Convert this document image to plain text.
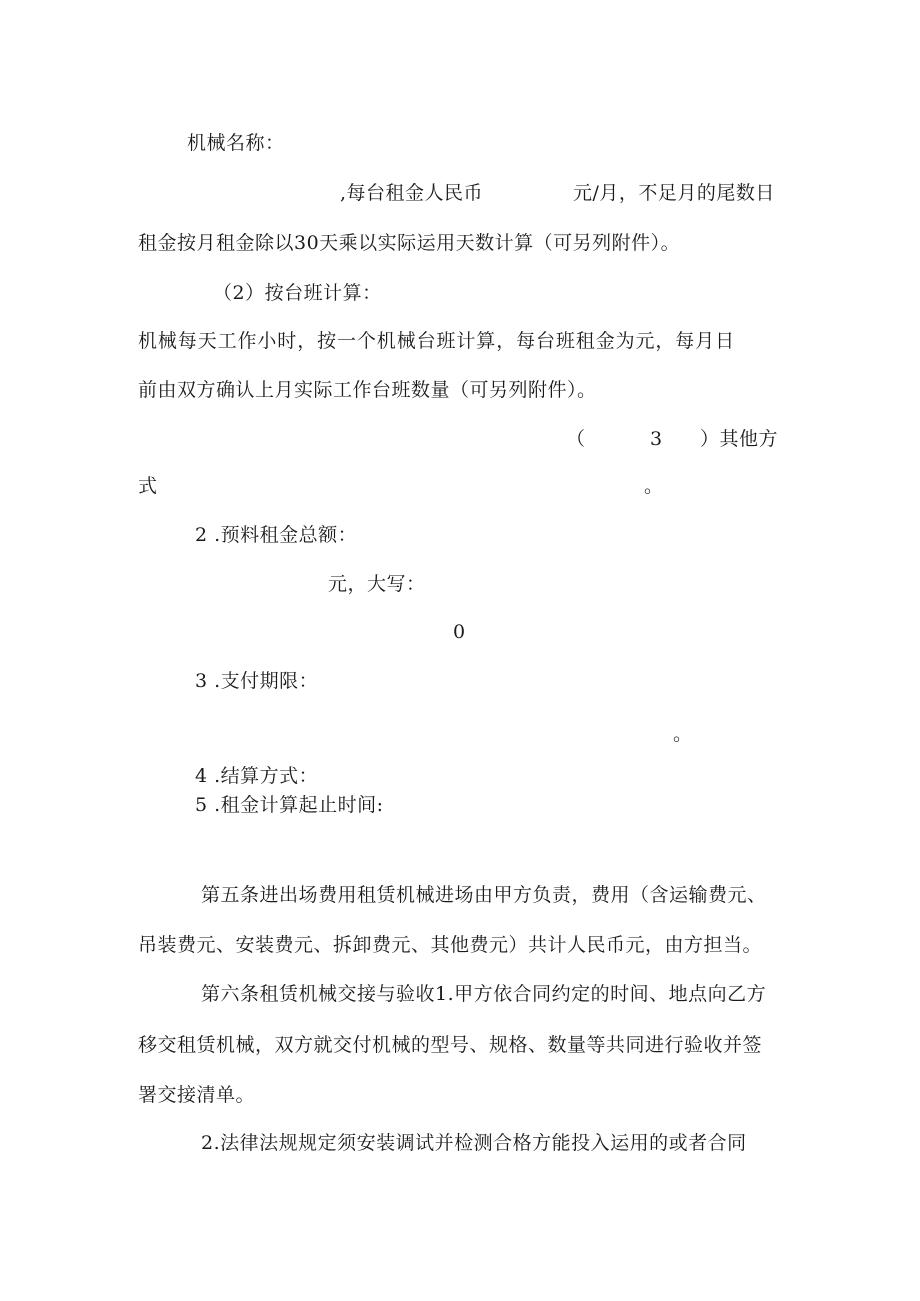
机械名称：
,每台租金人民币	元/月，不足月的尾数日
租金按月租金除以30天乘以实际运用天数计算（可另列附件）。
（2）按台班计算：
机械每天工作小时，按一个机械台班计算，每台班租金为元，每月日
前由双方确认上月实际工作台班数量（可另列附件）。
（	3 ）其他方
式	。
2 .预料租金总额：
元，大写：
0
3 .支付期限：
。
4 .结算方式：
5 .租金计算起止时间:
第五条进出场费用租赁机械进场由甲方负责，费用（含运输费元、
吊装费元、安装费元、拆卸费元、其他费元）共计人民币元，由方担当。
第六条租赁机械交接与验收1.甲方依合同约定的时间、地点向乙方
移交租赁机械，双方就交付机械的型号、规格、数量等共同进行验收并签
署交接清单。
2.法律法规规定须安装调试并检测合格方能投入运用的或者合同
